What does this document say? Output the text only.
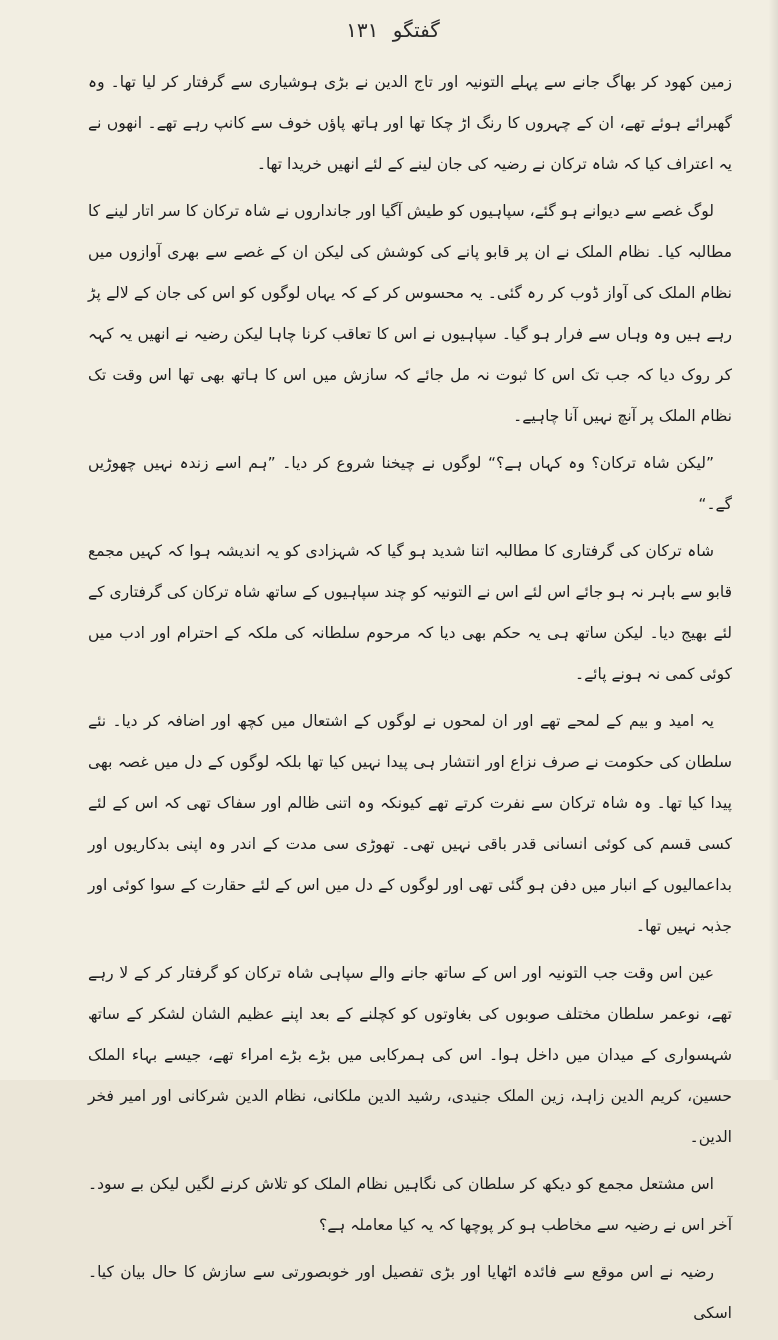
گفتگو ۱۳۱

زمین کھود کر بھاگ جانے سے پہلے التونیہ اور تاج الدین نے بڑی ہوشیاری سے گرفتار کر لیا تھا۔ وہ گھبرائے ہوئے تھے، ان کے چہروں کا رنگ اڑ چکا تھا اور ہاتھ پاؤں خوف سے کانپ رہے تھے۔ انھوں نے یہ اعتراف کیا کہ شاہ ترکان نے رضیہ کی جان لینے کے لئے انھیں خریدا تھا۔

لوگ غصے سے دیوانے ہو گئے، سپاہیوں کو طیش آگیا اور جانداروں نے شاہ ترکان کا سر اتار لینے کا مطالبہ کیا۔ نظام الملک نے ان پر قابو پانے کی کوشش کی لیکن ان کے غصے سے بھری آوازوں میں نظام الملک کی آواز ڈوب کر رہ گئی۔ یہ محسوس کر کے کہ یہاں لوگوں کو اس کی جان کے لالے پڑ رہے ہیں وہ وہاں سے فرار ہو گیا۔ سپاہیوں نے اس کا تعاقب کرنا چاہا لیکن رضیہ نے انھیں یہ کہہ کر روک دیا کہ جب تک اس کا ثبوت نہ مل جائے کہ سازش میں اس کا ہاتھ بھی تھا اس وقت تک نظام الملک پر آنچ نہیں آنا چاہیے۔

”لیکن شاہ ترکان؟ وہ کہاں ہے؟“ لوگوں نے چیخنا شروع کر دیا۔ ”ہم اسے زندہ نہیں چھوڑیں گے۔“

شاہ ترکان کی گرفتاری کا مطالبہ اتنا شدید ہو گیا کہ شہزادی کو یہ اندیشہ ہوا کہ کہیں مجمع قابو سے باہر نہ ہو جائے اس لئے اس نے التونیہ کو چند سپاہیوں کے ساتھ شاہ ترکان کی گرفتاری کے لئے بھیج دیا۔ لیکن ساتھ ہی یہ حکم بھی دیا کہ مرحوم سلطانہ کی ملکہ کے احترام اور ادب میں کوئی کمی نہ ہونے پائے۔

یہ امید و بیم کے لمحے تھے اور ان لمحوں نے لوگوں کے اشتعال میں کچھ اور اضافہ کر دیا۔ نئے سلطان کی حکومت نے صرف نزاع اور انتشار ہی پیدا نہیں کیا تھا بلکہ لوگوں کے دل میں غصہ بھی پیدا کیا تھا۔ وہ شاہ ترکان سے نفرت کرتے تھے کیونکہ وہ اتنی ظالم اور سفاک تھی کہ اس کے لئے کسی قسم کی کوئی انسانی قدر باقی نہیں تھی۔ تھوڑی سی مدت کے اندر وہ اپنی بدکاریوں اور بداعمالیوں کے انبار میں دفن ہو گئی تھی اور لوگوں کے دل میں اس کے لئے حقارت کے سوا کوئی اور جذبہ نہیں تھا۔

عین اس وقت جب التونیہ اور اس کے ساتھ جانے والے سپاہی شاہ ترکان کو گرفتار کر کے لا رہے تھے، نوعمر سلطان مختلف صوبوں کی بغاوتوں کو کچلنے کے بعد اپنے عظیم الشان لشکر کے ساتھ شہسواری کے میدان میں داخل ہوا۔ اس کی ہمرکابی میں بڑے بڑے امراء تھے، جیسے بہاء الملک حسین، کریم الدین زاہد، زین الملک جنیدی، رشید الدین ملکانی، نظام الدین شرکانی اور امیر فخر الدین۔

اس مشتعل مجمع کو دیکھ کر سلطان کی نگاہیں نظام الملک کو تلاش کرنے لگیں لیکن بے سود۔ آخر اس نے رضیہ سے مخاطب ہو کر پوچھا کہ یہ کیا معاملہ ہے؟

رضیہ نے اس موقع سے فائدہ اٹھایا اور بڑی تفصیل اور خوبصورتی سے سازش کا حال بیان کیا۔ اسکی
